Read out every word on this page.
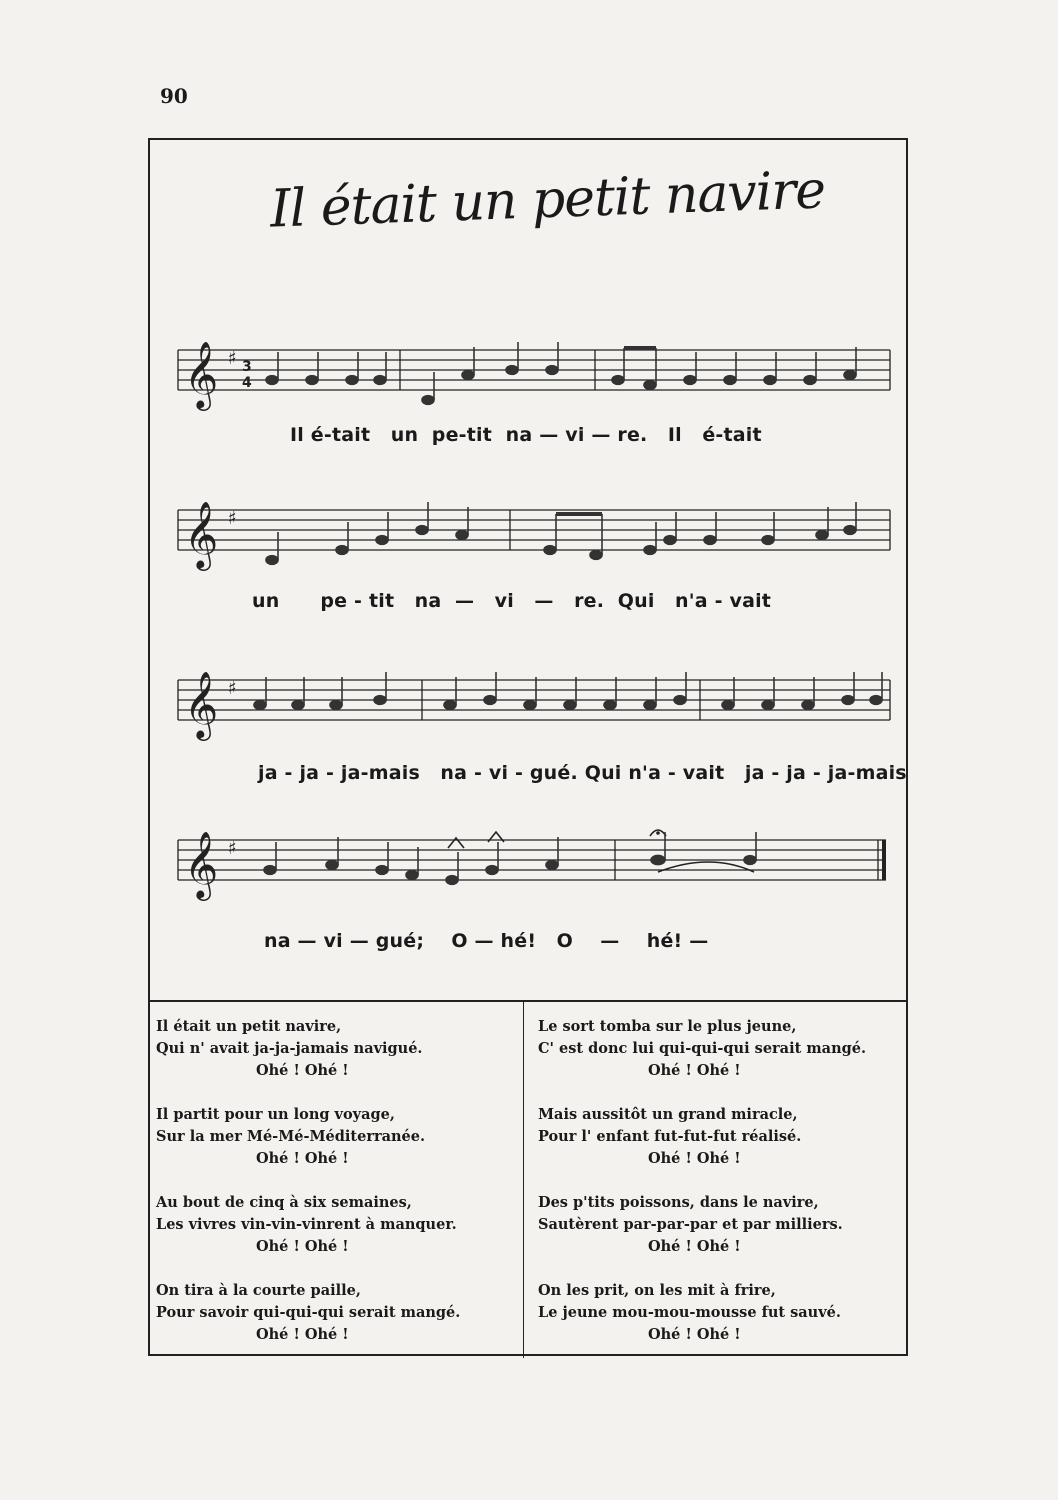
90
Il était un petit navire
𝄞 ♯ 3
4
Il é-tait   un  pe-tit  na — vi — re.   Il   é-tait
𝄞 ♯
un      pe - tit   na  —   vi   —   re.  Qui   n'a - vait
𝄞 ♯
ja - ja - ja-mais   na - vi - gué. Qui n'a - vait   ja - ja - ja-mais
𝄞 ♯
na — vi — gué;    O — hé!   O    —    hé! —
Il était un petit navire,
Qui n' avait ja-ja-jamais navigué.
Ohé ! Ohé !
Il partit pour un long voyage,
Sur la mer Mé-Mé-Méditerranée.
Ohé ! Ohé !
Au bout de cinq à six semaines,
Les vivres vin-vin-vinrent à manquer.
Ohé ! Ohé !
On tira à la courte paille,
Pour savoir qui-qui-qui serait mangé.
Ohé ! Ohé !
Le sort tomba sur le plus jeune,
C' est donc lui qui-qui-qui serait mangé.
Ohé ! Ohé !
Mais aussitôt un grand miracle,
Pour l' enfant fut-fut-fut réalisé.
Ohé ! Ohé !
Des p'tits poissons, dans le navire,
Sautèrent par-par-par et par milliers.
Ohé ! Ohé !
On les prit, on les mit à frire,
Le jeune mou-mou-mousse fut sauvé.
Ohé ! Ohé !
